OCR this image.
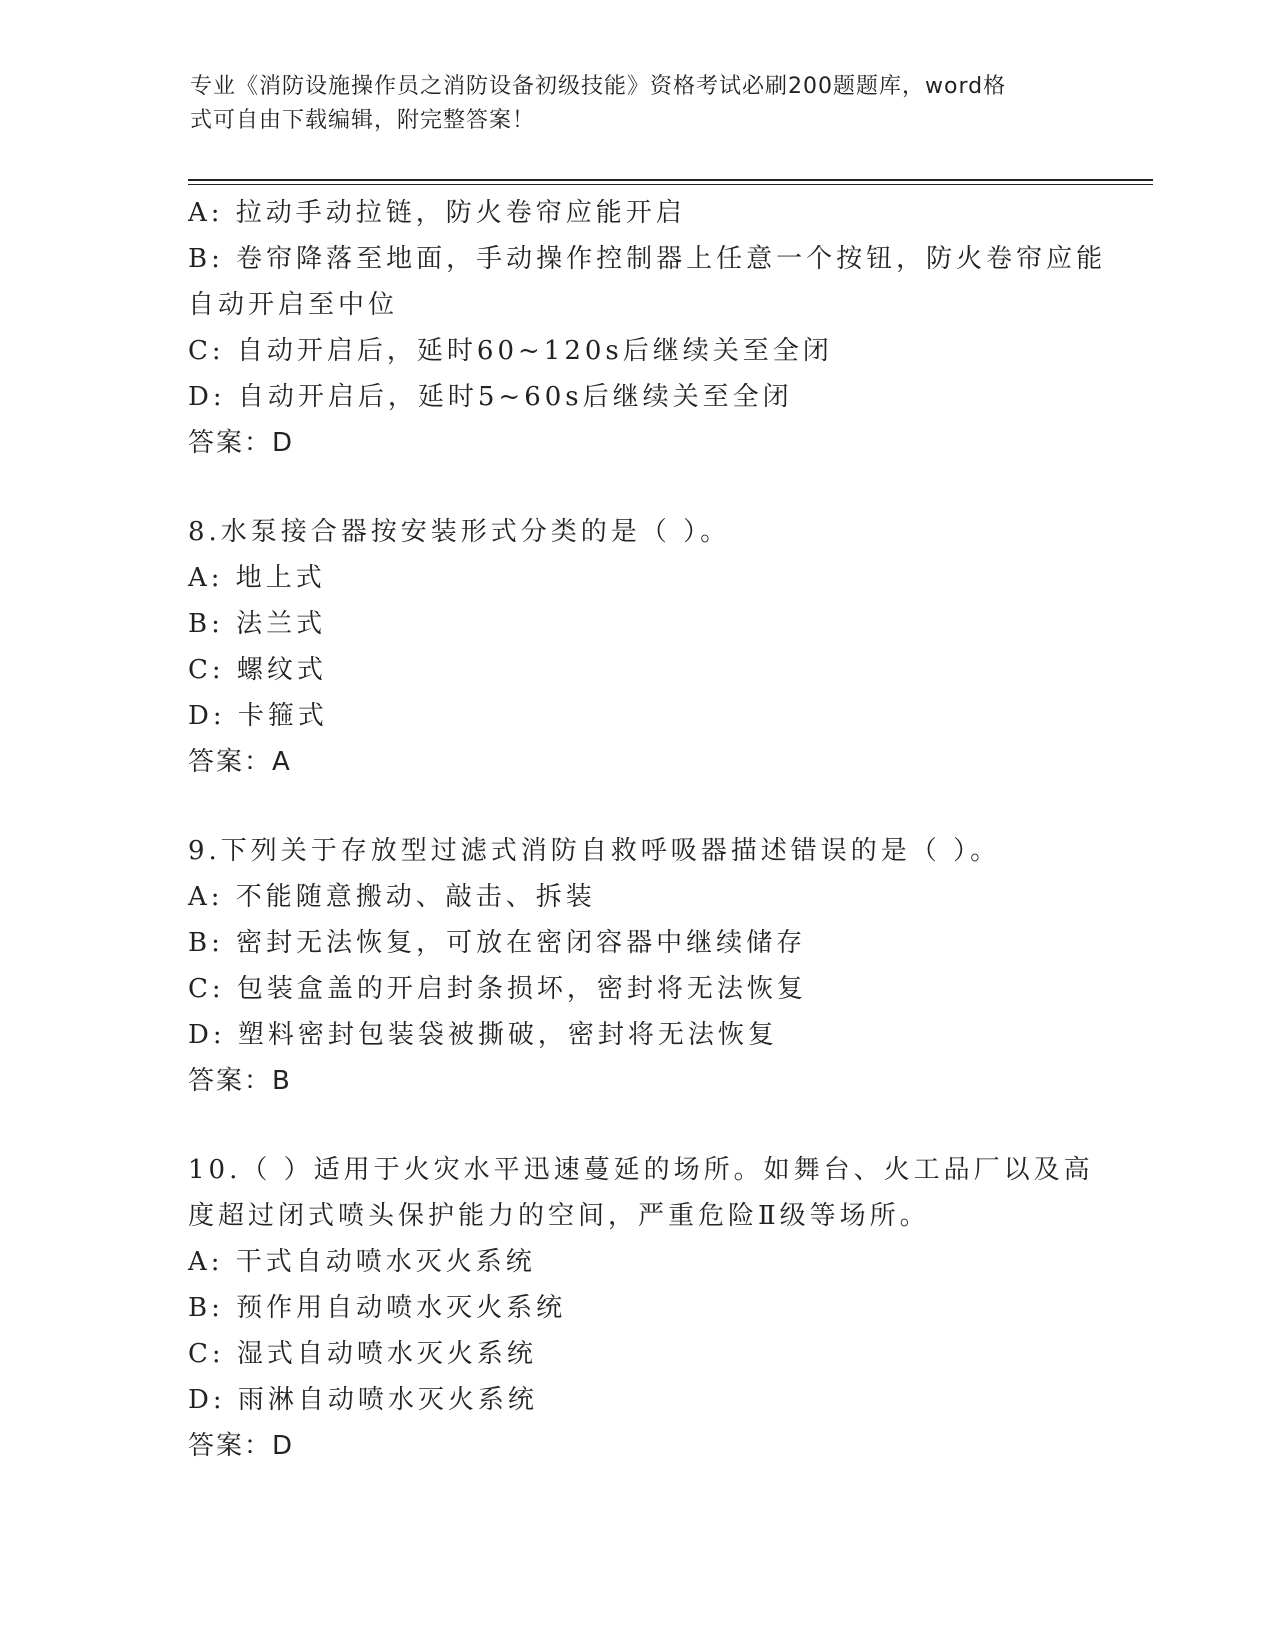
专业《消防设施操作员之消防设备初级技能》资格考试必刷200题题库，word格
式可自由下载编辑，附完整答案！
A: 拉动手动拉链，防火卷帘应能开启
B: 卷帘降落至地面，手动操作控制器上任意一个按钮，防火卷帘应能
自动开启至中位
C: 自动开启后，延时60~120s后继续关至全闭
D: 自动开启后，延时5~60s后继续关至全闭
答案：D
8.水泵接合器按安装形式分类的是（ ）。
A: 地上式
B: 法兰式
C: 螺纹式
D: 卡箍式
答案：A
9.下列关于存放型过滤式消防自救呼吸器描述错误的是（ ）。
A: 不能随意搬动、敲击、拆装
B: 密封无法恢复，可放在密闭容器中继续储存
C: 包装盒盖的开启封条损坏，密封将无法恢复
D: 塑料密封包装袋被撕破，密封将无法恢复
答案：B
10.（ ）适用于火灾水平迅速蔓延的场所。如舞台、火工品厂以及高
度超过闭式喷头保护能力的空间，严重危险Ⅱ级等场所。
A: 干式自动喷水灭火系统
B: 预作用自动喷水灭火系统
C: 湿式自动喷水灭火系统
D: 雨淋自动喷水灭火系统
答案：D
